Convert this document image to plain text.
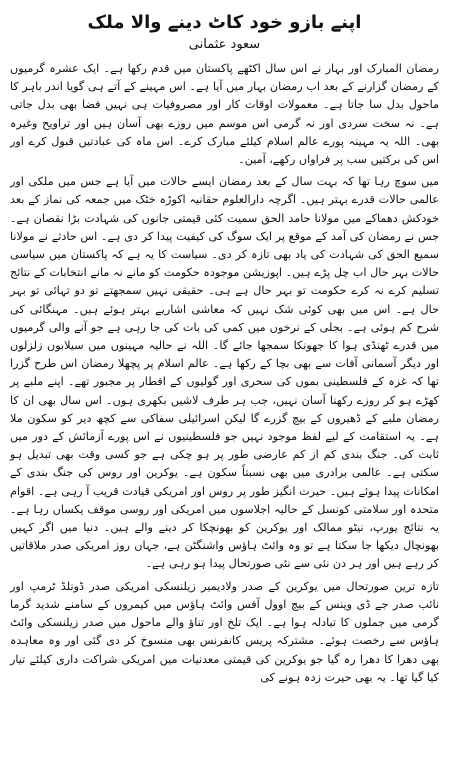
اپنے بازو خود کاٹ دینے والا ملک
سعود عثمانی

رمضان المبارک اور بہار نے اس سال اکٹھے پاکستان میں قدم رکھا ہے۔ ایک عشرہ گرمیوں کے رمضان گزارنے کے بعد اب رمضان بہار میں آیا ہے۔ اس مہینے کے آتے ہی گویا اندر باہر کا ماحول بدل سا جاتا ہے۔ معمولات اوقات کار اور مصروفیات ہی نہیں فضا بھی بدل جاتی ہے۔ نہ سخت سردی اور نہ گرمی اس موسم میں روزے بھی آسان ہیں اور تراویح وغیرہ بھی۔ اللہ یہ مہینہ پورے عالم اسلام کیلئے مبارک کرے۔ اس ماہ کی عبادتیں قبول کرے اور اس کی برکتیں سب پر فراواں رکھے، آمین۔

میں سوچ رہا تھا کہ بہت سال کے بعد رمضان ایسے حالات میں آیا ہے جس میں ملکی اور عالمی حالات قدرے بہتر ہیں۔ اگرچہ دارالعلوم حقانیہ اکوڑہ خٹک میں جمعہ کی نماز کے بعد خودکش دھماکے میں مولانا حامد الحق سمیت کئی قیمتی جانوں کی شہادت بڑا نقصان ہے۔ جس نے رمضان کی آمد کے موقع پر ایک سوگ کی کیفیت پیدا کر دی ہے۔ اس حادثے نے مولانا سمیع الحق کی شہادت کی یاد بھی تازہ کر دی۔ سیاست کا یہ ہے کہ پاکستان میں سیاسی حالات بہر حال اب چل پڑے ہیں۔ اپوزیشن موجودہ حکومت کو مانے نہ مانے انتخابات کے نتائج تسلیم کرے نہ کرے حکومت تو بہر حال ہے ہی۔ حقیقی نہیں سمجھتے تو دو تہائی تو بہر حال ہے۔ اس میں بھی کوئی شک نہیں کہ معاشی اشاریے بہتر ہوئے ہیں۔ مہنگائی کی شرح کم ہوئی ہے۔ بجلی کے نرخوں میں کمی کی بات کی جا رہی ہے جو آنے والی گرمیوں میں قدرے ٹھنڈی ہوا کا جھونکا سمجھا جائے گا۔ اللہ نے حالیہ مہینوں میں سیلابوں زلزلوں اور دیگر آسمانی آفات سے بھی بچا کے رکھا ہے۔ عالم اسلام پر پچھلا رمضان اس طرح گزرا تھا کہ غزہ کے فلسطینی بموں کی سحری اور گولیوں کے افطار پر مجبور تھے۔ اپنے ملبے پر کھڑے ہو کر روزے رکھنا آسان نہیں، جب ہر طرف لاشیں بکھری ہوں۔ اس سال بھی ان کا رمضان ملبے کے ڈھیروں کے بیچ گزرے گا لیکن اسرائیلی سفاکی سے کچھ دیر کو سکون ملا ہے۔ یہ استقامت کے لیے لفظ موجود نہیں جو فلسطینیوں نے اس پورے آزمائش کے دور میں ثابت کی۔ جنگ بندی کم از کم عارضی طور پر ہو چکی ہے جو کسی وقت بھی تبدیل ہو سکتی ہے۔ عالمی برادری میں بھی نسبتاً سکون ہے۔ یوکرین اور روس کی جنگ بندی کے امکانات پیدا ہوئے ہیں۔ حیرت انگیز طور پر روس اور امریکی قیادت قریب آ رہی ہے۔ اقوام متحدہ اور سلامتی کونسل کے حالیہ اجلاسوں میں امریکی اور روسی موقف یکساں رہا ہے۔ یہ نتائج یورپ، نیٹو ممالک اور یوکرین کو بھونچکا کر دینے والے ہیں۔ دنیا میں اگر کہیں بھونچال دیکھا جا سکتا ہے تو وہ وائٹ ہاؤس واشنگٹن ہے، جہاں روز امریکی صدر ملاقاتیں کر رہے ہیں اور ہر دن نئی سے نئی صورتحال پیدا ہو رہی ہے۔

تازہ ترین صورتحال میں یوکرین کے صدر ولادیمیر زیلنسکی امریکی صدر ڈونلڈ ٹرمپ اور نائب صدر جے ڈی وینس کے بیچ اوول آفس وائٹ ہاؤس میں کیمروں کے سامنے شدید گرما گرمی میں جملوں کا تبادلہ ہوا ہے۔ ایک تلخ اور تناؤ والے ماحول میں صدر زیلنسکی وائٹ ہاؤس سے رخصت ہوئے۔ مشترکہ پریس کانفرنس بھی منسوخ کر دی گئی اور وہ معاہدہ بھی دھرا کا دھرا رہ گیا جو یوکرین کی قیمتی معدنیات میں امریکی شراکت داری کیلئے تیار کیا گیا تھا۔ یہ بھی حیرت زدہ ہونے کی
